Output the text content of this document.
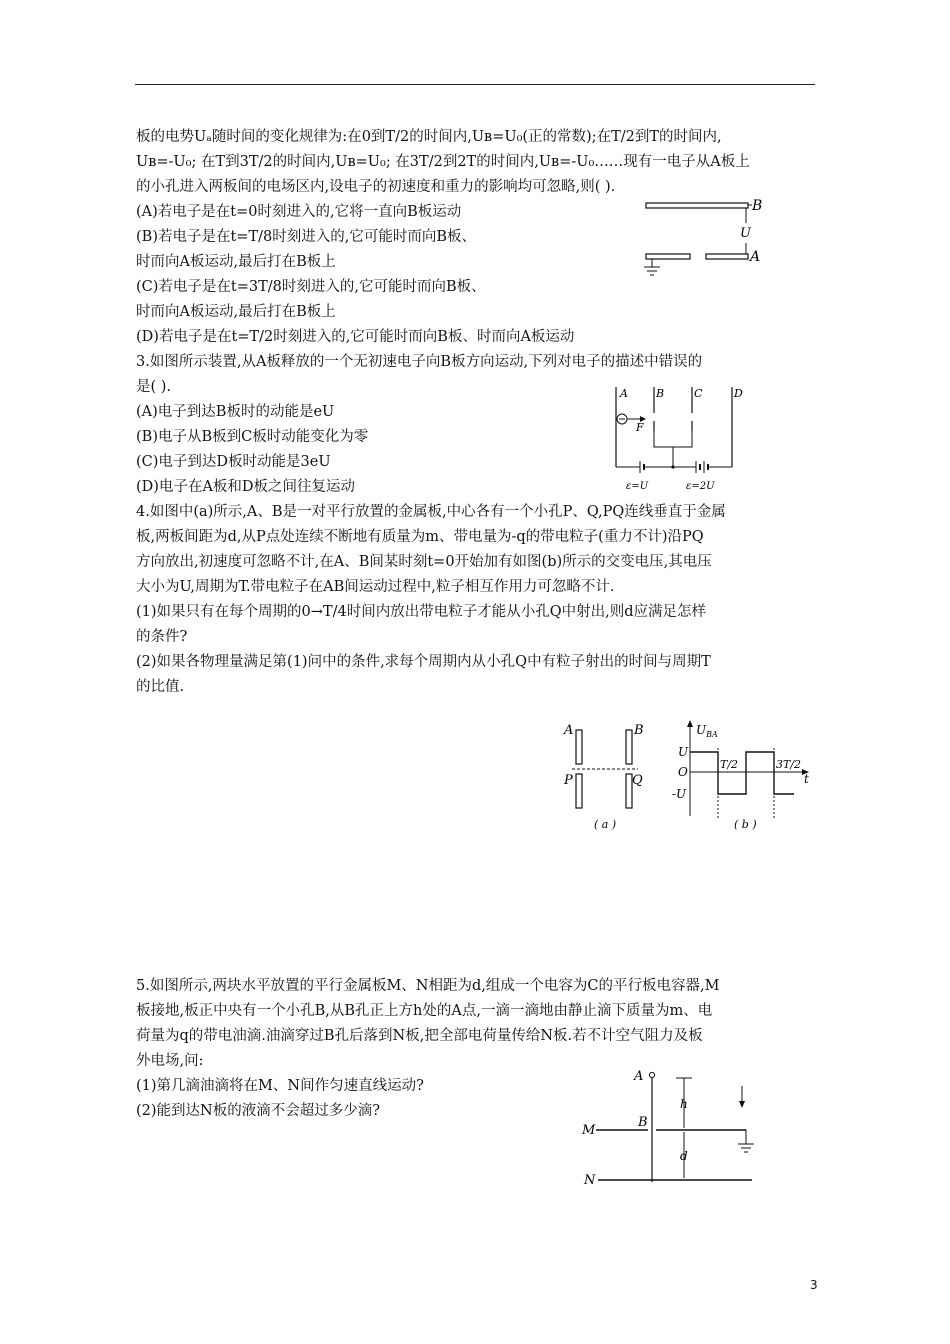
板的电势Uₐ随时间的变化规律为:在0到T/2的时间内,Uʙ=U₀(正的常数);在T/2到T的时间内,
Uʙ=-U₀; 在T到3T/2的时间内,Uʙ=U₀; 在3T/2到2T的时间内,Uʙ=-U₀……现有一电子从A板上
的小孔进入两板间的电场区内,设电子的初速度和重力的影响均可忽略,则( ).
(A)若电子是在t=0时刻进入的,它将一直向B板运动
(B)若电子是在t=T/8时刻进入的,它可能时而向B板、
时而向A板运动,最后打在B板上
(C)若电子是在t=3T/8时刻进入的,它可能时而向B板、
时而向A板运动,最后打在B板上
(D)若电子是在t=T/2时刻进入的,它可能时而向B板、时而向A板运动
B
U
A
3.如图所示装置,从A板释放的一个无初速电子向B板方向运动,下列对电子的描述中错误的
是( ).
(A)电子到达B板时的动能是eU
(B)电子从B板到C板时动能变化为零
(C)电子到达D板时动能是3eU
(D)电子在A板和D板之间往复运动
A	B	C	D
F
ε=U	ε=2U
4.如图中(a)所示,A、B是一对平行放置的金属板,中心各有一个小孔P、Q,PQ连线垂直于金属
板,两板间距为d,从P点处连续不断地有质量为m、带电量为-q的带电粒子(重力不计)沿PQ
方向放出,初速度可忽略不计,在A、B间某时刻t=0开始加有如图(b)所示的交变电压,其电压
大小为U,周期为T.带电粒子在AB间运动过程中,粒子相互作用力可忽略不计.
(1)如果只有在每个周期的0→T/4时间内放出带电粒子才能从小孔Q中射出,则d应满足怎样
的条件?
(2)如果各物理量满足第(1)问中的条件,求每个周期内从小孔Q中有粒子射出的时间与周期T
的比值.
A	B
P	Q
( a )
$U_{BA}$
t
U
O
-U
T/2	3T/2
( b )
5.如图所示,两块水平放置的平行金属板M、N相距为d,组成一个电容为C的平行板电容器,M
板接地,板正中央有一个小孔B,从B孔正上方h处的A点,一滴一滴地由静止滴下质量为m、电
荷量为q的带电油滴.油滴穿过B孔后落到N板,把全部电荷量传给N板.若不计空气阻力及板
外电场,问:
(1)第几滴油滴将在M、N间作匀速直线运动?
(2)能到达N板的液滴不会超过多少滴?
A
h
B
M
d
N
3
